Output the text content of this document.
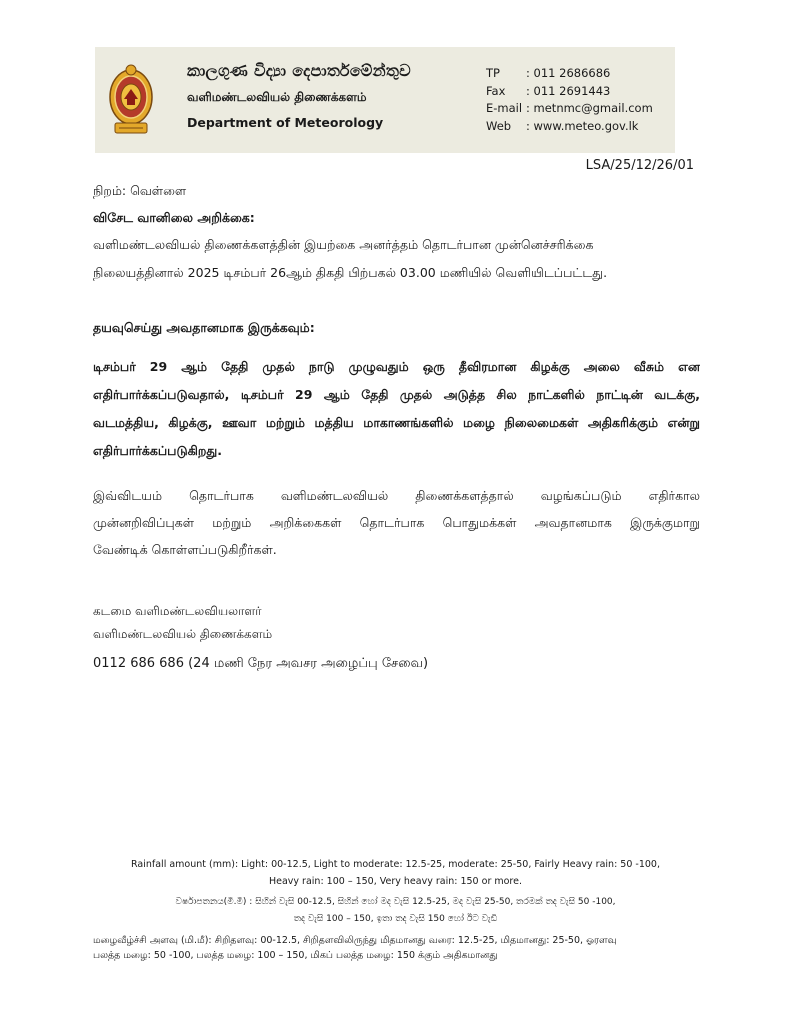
කාලගුණ විද්‍යා දෙපාර්තමේන්තුව
வளிமண்டலவியல் திணைக்களம்
Department of Meteorology
TP : 011 2686686
Fax : 011 2691443
E-mail : metnmc@gmail.com
Web : www.meteo.gov.lk
LSA/25/12/26/01
நிறம்: வெள்ளை
விசேட வானிலை அறிக்கை:
வளிமண்டலவியல் திணைக்களத்தின் இயற்கை அனர்த்தம் தொடர்பான முன்னெச்சரிக்கை
நிலையத்தினால் 2025 டிசம்பர் 26ஆம் திகதி பிற்பகல் 03.00 மணியில் வெளியிடப்பட்டது.
தயவுசெய்து அவதானமாக இருக்கவும்:
டிசம்பர் 29 ஆம் தேதி முதல் நாடு முழுவதும் ஒரு தீவிரமான கிழக்கு அலை வீசும் என
எதிர்பார்க்கப்படுவதால், டிசம்பர் 29 ஆம் தேதி முதல் அடுத்த சில நாட்களில் நாட்டின் வடக்கு,
வடமத்திய, கிழக்கு, ஊவா மற்றும் மத்திய மாகாணங்களில் மழை நிலைமைகள் அதிகரிக்கும் என்று
எதிர்பார்க்கப்படுகிறது.
இவ்விடயம் தொடர்பாக வளிமண்டலவியல் திணைக்களத்தால் வழங்கப்படும் எதிர்கால
முன்னறிவிப்புகள் மற்றும் அறிக்கைகள் தொடர்பாக பொதுமக்கள் அவதானமாக இருக்குமாறு
வேண்டிக் கொள்ளப்படுகிறீர்கள்.
கடமை வளிமண்டலவியலாளர்
வளிமண்டலவியல் திணைக்களம்
0112 686 686 (24 மணி நேர அவசர அழைப்பு சேவை)
Rainfall amount (mm): Light: 00-12.5, Light to moderate: 12.5-25, moderate: 25-50, Fairly Heavy rain: 50 -100,
Heavy rain: 100 – 150, Very heavy rain: 150 or more.
වර්ෂාපතනය(මි.මී) : සිහින් වැසි 00-12.5, සිහින් හෝ මද වැසි 12.5-25, මද වැසි 25-50, තරමක් තද වැසි 50 -100,
තද වැසි 100 – 150, ඉතා තද වැසි 150 හෝ ඊට වැඩි
மழைவீழ்ச்சி அளவு (மி.மீ): சிறிதளவு: 00-12.5, சிறிதளவிலிருந்து மிதமானது வரை: 12.5-25, மிதமானது: 25-50, ஓரளவு
பலத்த மழை: 50 -100, பலத்த மழை: 100 – 150, மிகப் பலத்த மழை: 150 க்கும் அதிகமானது
